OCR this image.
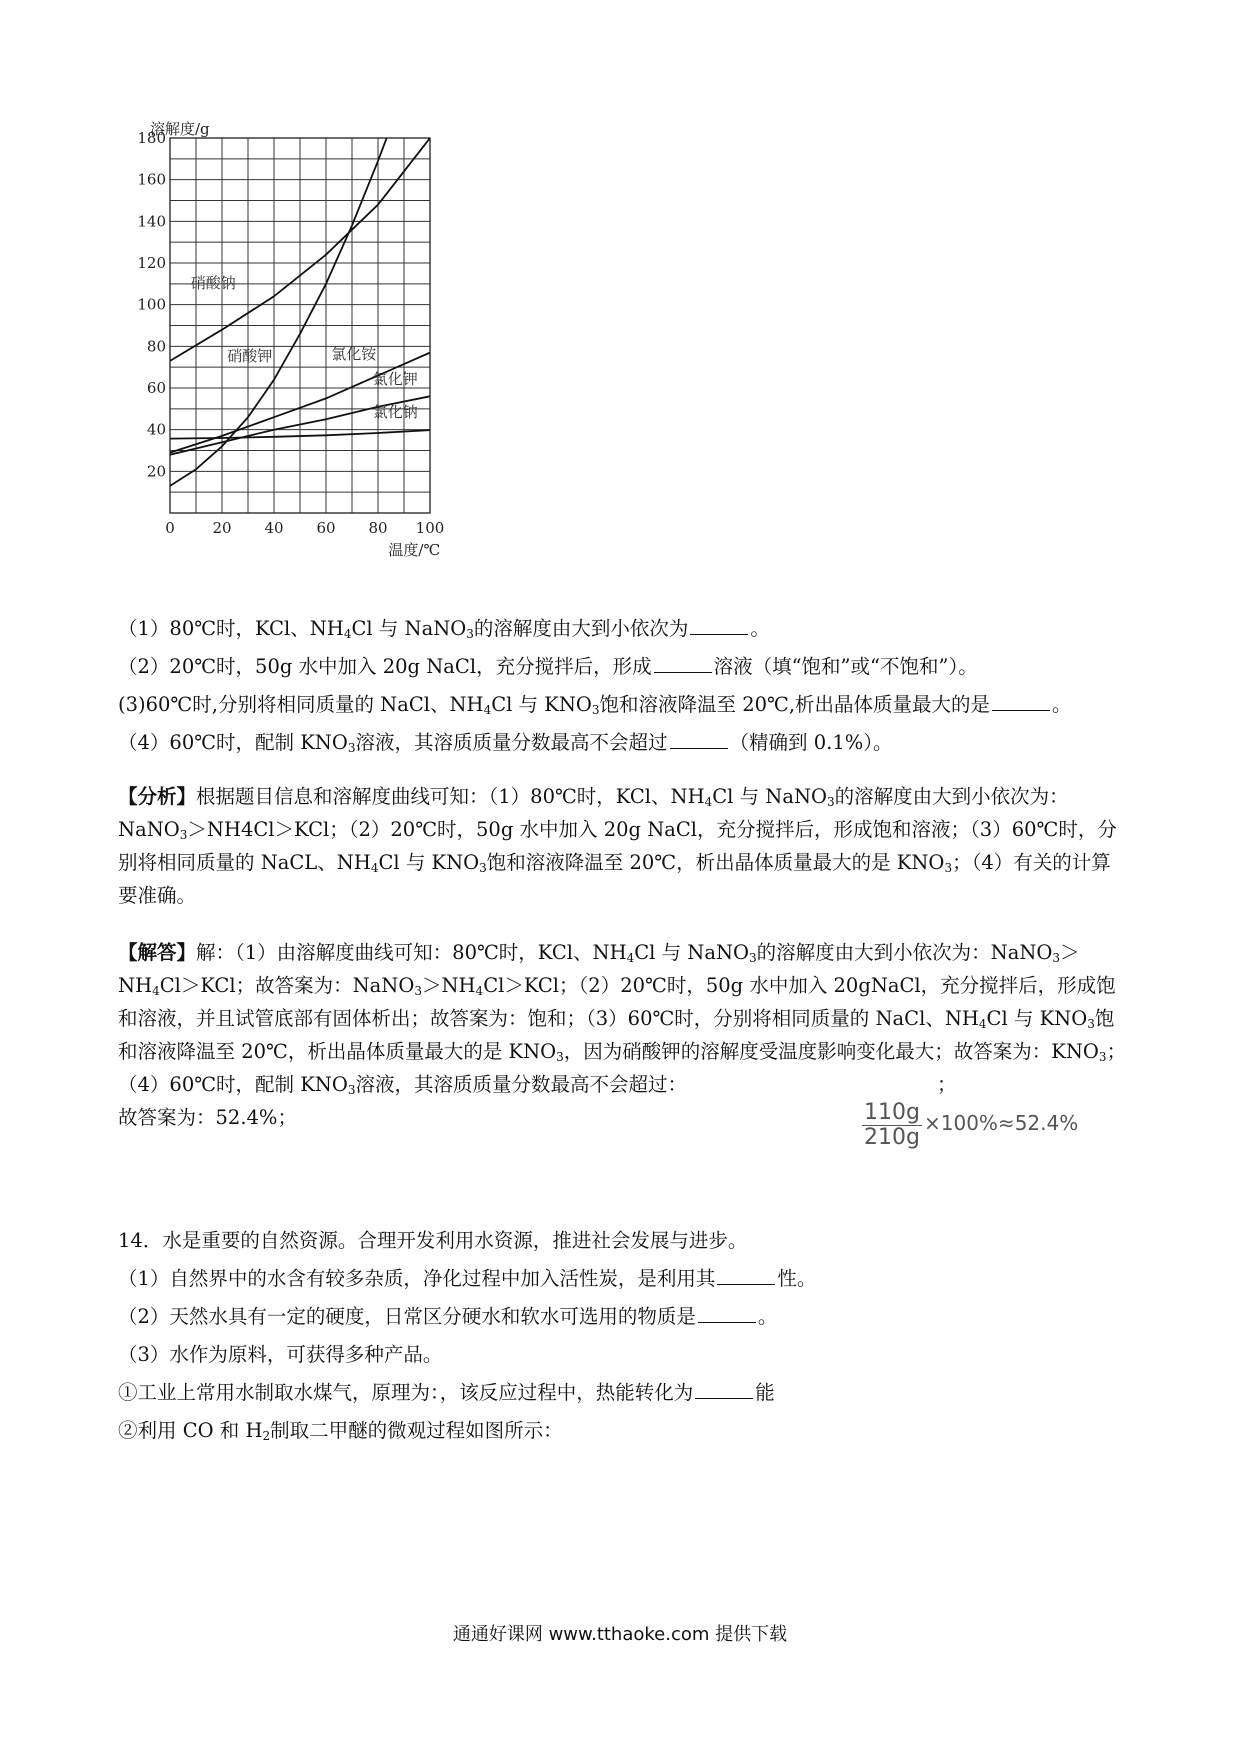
0	20 40 60 80 100
20
40
60
80
100
120
140
160
180
硝酸钠
硝酸钾	氯化铵
氯化钾
氯化钠
溶解度/g
温度/℃
（1）80℃时，KCl、$NH_4Cl$ 与 NaNO$_3$的溶解度由大到小依次为	。
（2）20℃时，50g 水中加入 20g NaCl，充分搅拌后，形成	溶液（填“饱和”或“不饱和”）。
(3)60℃时,分别将相同质量的 NaCl、$NH_4Cl$ 与 $KNO_3$饱和溶液降温至 20℃,析出晶体质量最大的是	。
（4）60℃时，配制 $KNO_3$溶液，其溶质质量分数最高不会超过	（精确到 0.1%）。

【分析】根据题目信息和溶解度曲线可知：（1）80℃时，KCl、$NH_4Cl$ 与 NaNO$_3$的溶解度由大到小依次为：NaNO$_3$＞NH4Cl＞KCl；（2）20℃时，50g 水中加入 20g NaCl，充分搅拌后，形成饱和溶液；（3）60℃时，分别将相同质量的 NaCL、$NH_4Cl$ 与 $KNO_3$饱和溶液降温至 20℃，析出晶体质量最大的是 $KNO_3$；（4）有关的计算要准确。

【解答】解：（1）由溶解度曲线可知：80℃时，KCl、$NH_4Cl$ 与 NaNO$_3$的溶解度由大到小依次为：$NaNO_3>NH_4Cl>KCl$；故答案为：$NaNO_3>NH_4Cl>KCl$；（2）20℃时，50g 水中加入 20gNaCl，充分搅拌后，形成饱和溶液，并且试管底部有固体析出；故答案为：饱和；（3）60℃时，分别将相同质量的 NaCl、$NH_4Cl$ 与 $KNO_3$饱和溶液降温至 20℃，析出晶体质量最大的是 $KNO_3$，因为硝酸钾的溶解度受温度影响变化最大；故答案为：$KNO_3$；（4）60℃时，配制 $KNO_3$溶液，其溶质质量分数最高不会超过：	；

故答案为：52.4%；	110g
210g
×100%≈52.4%
14．水是重要的自然资源。合理开发利用水资源，推进社会发展与进步。
（1）自然界中的水含有较多杂质，净化过程中加入活性炭，是利用其	性。
（2）天然水具有一定的硬度，日常区分硬水和软水可选用的物质是	。
（3）水作为原料，可获得多种产品。
①工业上常用水制取水煤气，原理为：，该反应过程中，热能转化为	能
②利用 CO 和 $H_2$制取二甲醚的微观过程如图所示：
通通好课网 www.tthaoke.com 提供下载
